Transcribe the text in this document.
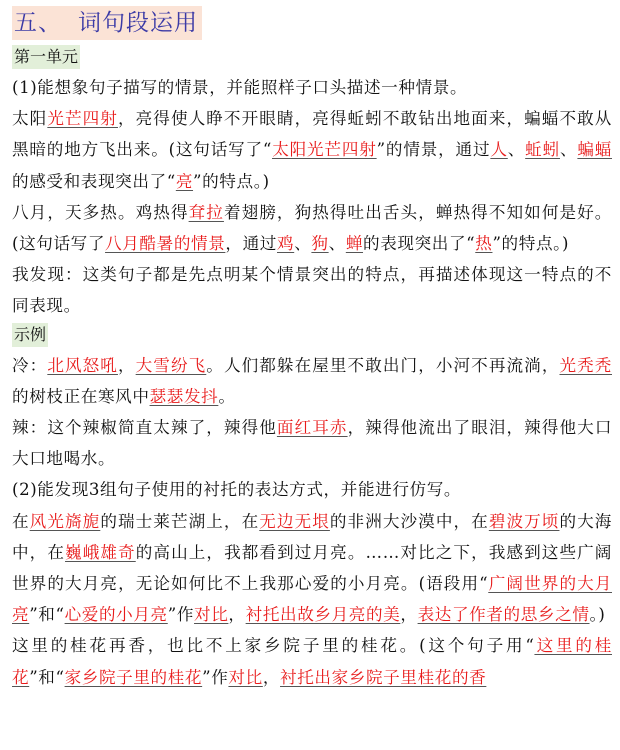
五、 词句段运用
第一单元

(1)能想象句子描写的情景，并能照样子口头描述一种情景。

太阳光芒四射，亮得使人睁不开眼睛，亮得蚯蚓不敢钻出地面来，蝙蝠不敢从黑暗的地方飞出来。(这句话写了“太阳光芒四射”的情景，通过人、蚯蚓、蝙蝠的感受和表现突出了“亮”的特点。)

八月，天多热。鸡热得耷拉着翅膀，狗热得吐出舌头，蝉热得不知如何是好。(这句话写了八月酷暑的情景，通过鸡、狗、蝉的表现突出了“热”的特点。)

我发现：这类句子都是先点明某个情景突出的特点，再描述体现这一特点的不同表现。

示例

冷：北风怒吼，大雪纷飞。人们都躲在屋里不敢出门，小河不再流淌，光秃秃的树枝正在寒风中瑟瑟发抖。

辣：这个辣椒简直太辣了，辣得他面红耳赤，辣得他流出了眼泪，辣得他大口大口地喝水。

(2)能发现3组句子使用的衬托的表达方式，并能进行仿写。

在风光旖旎的瑞士莱芒湖上，在无边无垠的非洲大沙漠中，在碧波万顷的大海中，在巍峨雄奇的高山上，我都看到过月亮。……对比之下，我感到这些广阔世界的大月亮，无论如何比不上我那心爱的小月亮。(语段用“广阔世界的大月亮”和“心爱的小月亮”作对比，衬托出故乡月亮的美，表达了作者的思乡之情。)

这里的桂花再香，也比不上家乡院子里的桂花。(这个句子用“这里的桂花”和“家乡院子里的桂花”作对比，衬托出家乡院子里桂花的香
